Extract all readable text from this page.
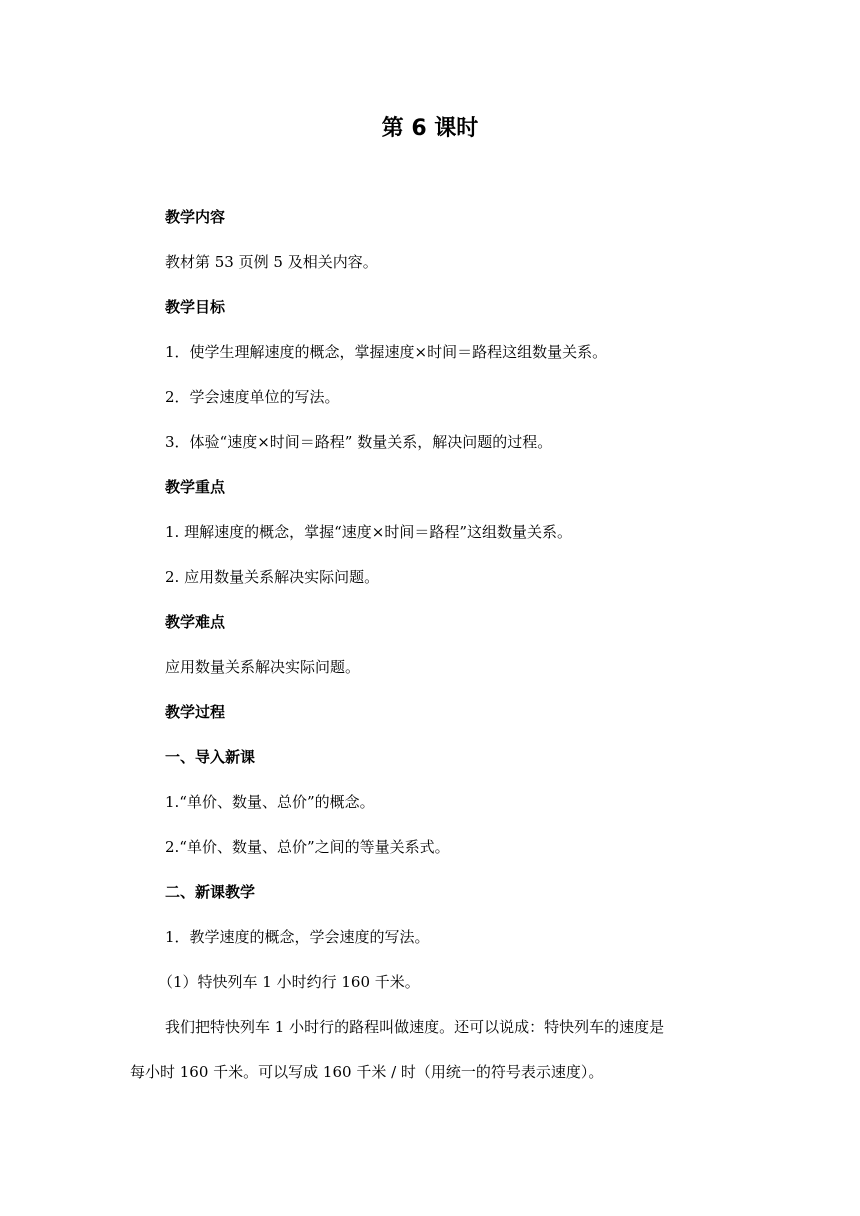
第 6 课时
教学内容
教材第 53 页例 5 及相关内容。
教学目标
1．使学生理解速度的概念，掌握速度×时间＝路程这组数量关系。
2．学会速度单位的写法。
3．体验“速度×时间＝路程” 数量关系，解决问题的过程。
教学重点
1. 理解速度的概念，掌握“速度×时间＝路程”这组数量关系。
2. 应用数量关系解决实际问题。
教学难点
应用数量关系解决实际问题。
教学过程
一、导入新课
1.“单价、数量、总价”的概念。
2.“单价、数量、总价”之间的等量关系式。
二、新课教学
1．教学速度的概念，学会速度的写法。
（1）特快列车 1 小时约行 160 千米。
我们把特快列车 1 小时行的路程叫做速度。还可以说成：特快列车的速度是
每小时 160 千米。可以写成 160 千米 / 时（用统一的符号表示速度）。
